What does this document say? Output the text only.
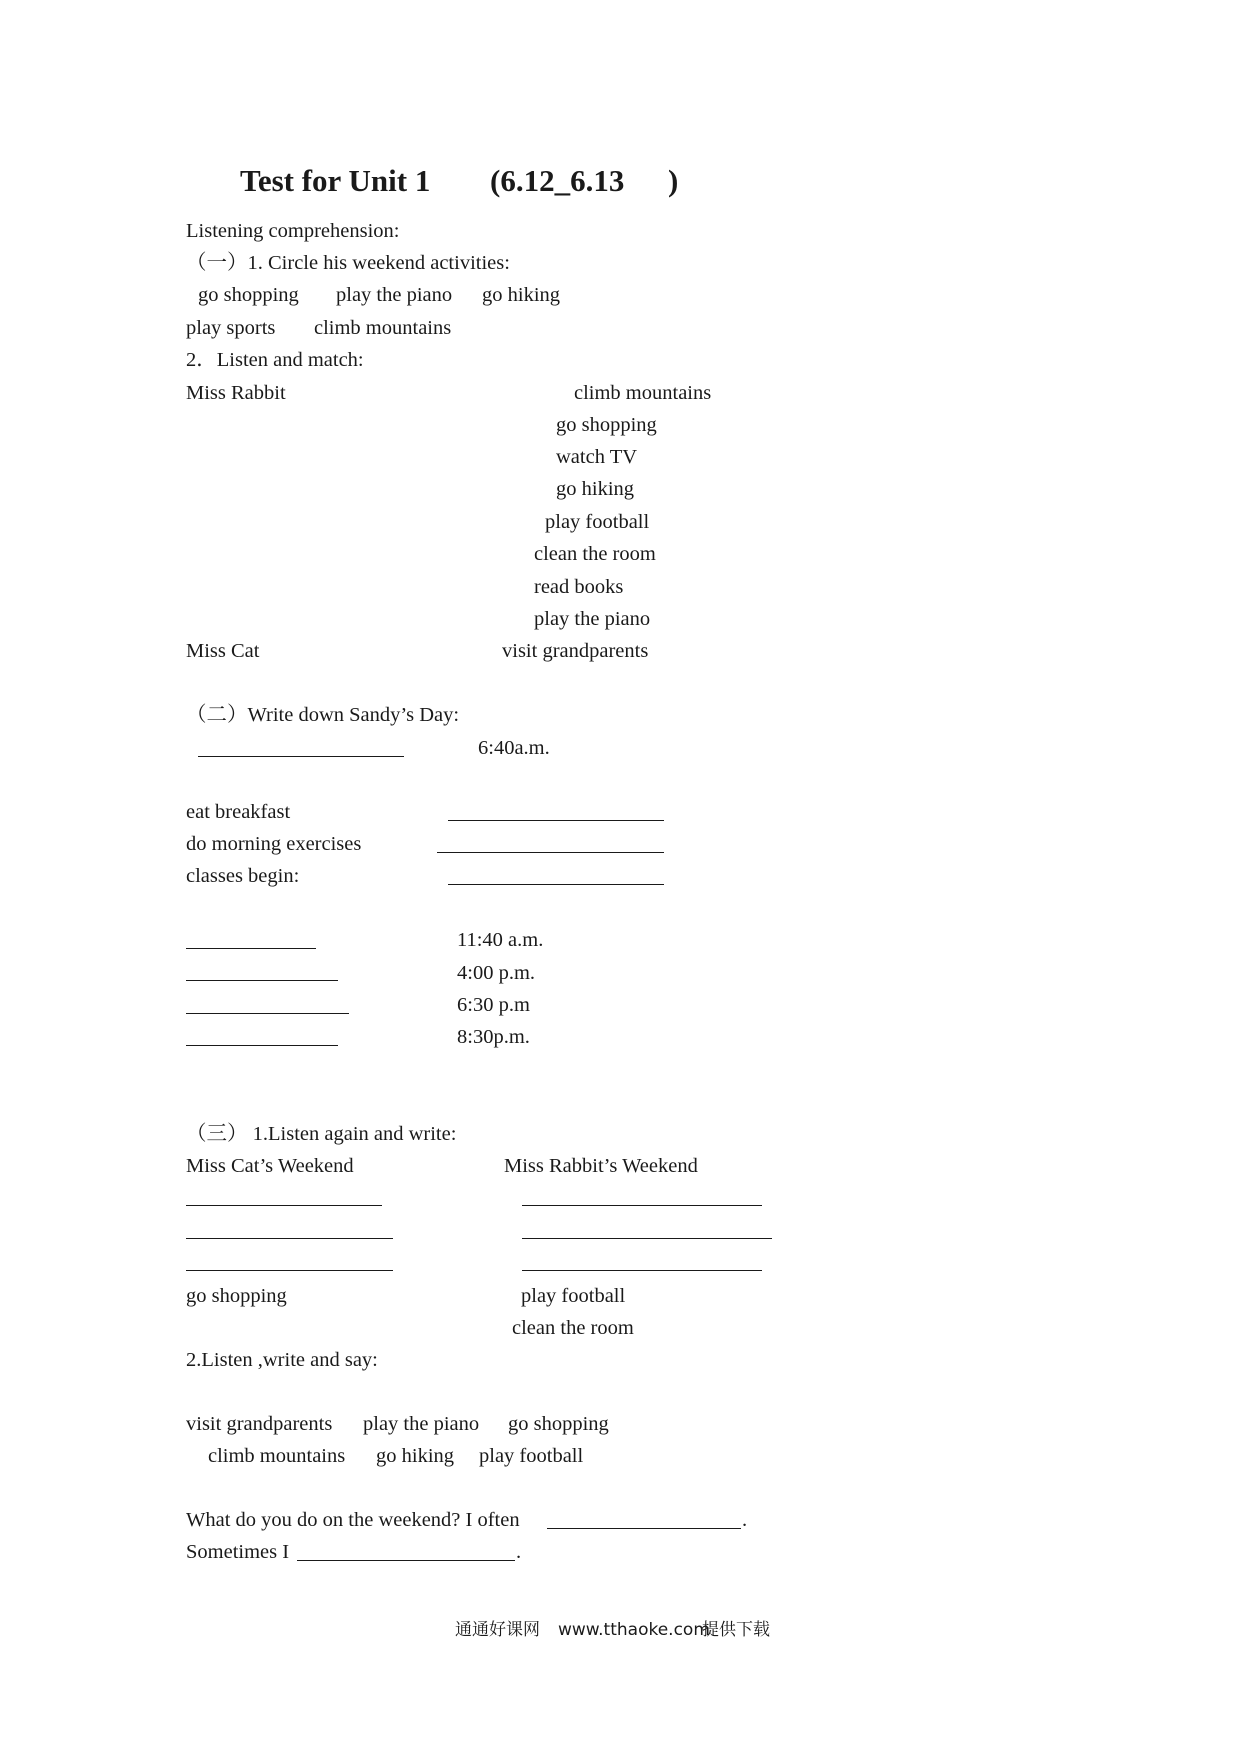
Test for Unit 1 (6.12_6.13 )
Listening comprehension:
（一）1. Circle his weekend activities:
go shopping play the piano go hiking
play sports climb mountains
2．Listen and match:
Miss Rabbit	climb mountains
go shopping
watch TV
go hiking
play football
clean the room
read books
play the piano
Miss Cat	visit grandparents
（二）Write down Sandy’s Day:
6:40a.m.
eat breakfast
do morning exercises
classes begin:
11:40 a.m.
4:00 p.m.
6:30 p.m
8:30p.m.
（三） 1.Listen again and write:
Miss Cat’s Weekend	Miss Rabbit’s Weekend
go shopping	play football
clean the room
2.Listen ,write and say:
visit grandparents play the piano go shopping
climb mountains go hiking play football
What do you do on the weekend? I often	.
Sometimes I	.
通通好课网 www.tthaoke.com
提供下载
